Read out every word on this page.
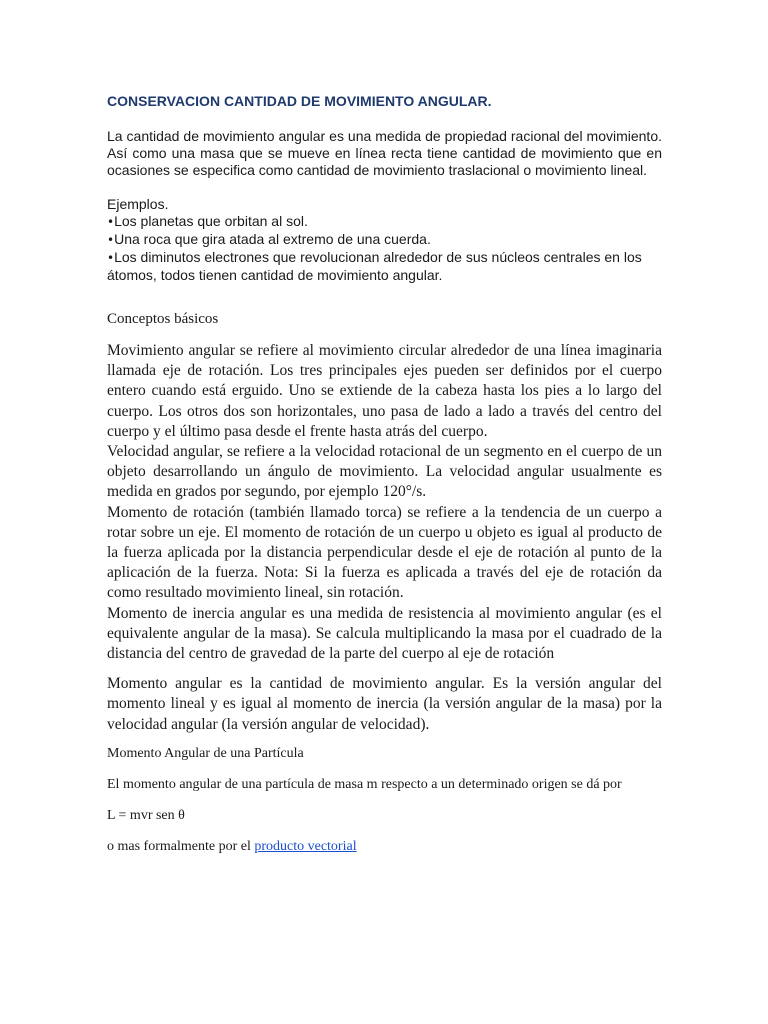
CONSERVACION CANTIDAD DE MOVIMIENTO ANGULAR.

La cantidad de movimiento angular es una medida de propiedad racional del movimiento. Así como una masa que se mueve en línea recta tiene cantidad de movimiento que en ocasiones se especifica como cantidad de movimiento traslacional o movimiento lineal.

Ejemplos.

•Los planetas que orbitan al sol.
•Una roca que gira atada al extremo de una cuerda.
•Los diminutos electrones que revolucionan alrededor de sus núcleos centrales en los átomos, todos tienen cantidad de movimiento angular.

Conceptos básicos

Movimiento angular se refiere al movimiento circular alrededor de una línea imaginaria llamada eje de rotación. Los tres principales ejes pueden ser definidos por el cuerpo entero cuando está erguido. Uno se extiende de la cabeza hasta los pies a lo largo del cuerpo. Los otros dos son horizontales, uno pasa de lado a lado a través del centro del cuerpo y el último pasa desde el frente hasta atrás del cuerpo.

Velocidad angular, se refiere a la velocidad rotacional de un segmento en el cuerpo de un objeto desarrollando un ángulo de movimiento. La velocidad angular usualmente es medida en grados por segundo, por ejemplo 120°/s.

Momento de rotación (también llamado torca) se refiere a la tendencia de un cuerpo a rotar sobre un eje. El momento de rotación de un cuerpo u objeto es igual al producto de la fuerza aplicada por la distancia perpendicular desde el eje de rotación al punto de la aplicación de la fuerza. Nota: Si la fuerza es aplicada a través del eje de rotación da como resultado movimiento lineal, sin rotación.

Momento de inercia angular es una medida de resistencia al movimiento angular (es el equivalente angular de la masa). Se calcula multiplicando la masa por el cuadrado de la distancia del centro de gravedad de la parte del cuerpo al eje de rotación

Momento angular es la cantidad de movimiento angular. Es la versión angular del momento lineal y es igual al momento de inercia (la versión angular de la masa) por la velocidad angular (la versión angular de velocidad).

Momento Angular de una Partícula

El momento angular de una partícula de masa m respecto a un determinado origen se dá por

L = mvr sen θ

o mas formalmente por el producto vectorial
